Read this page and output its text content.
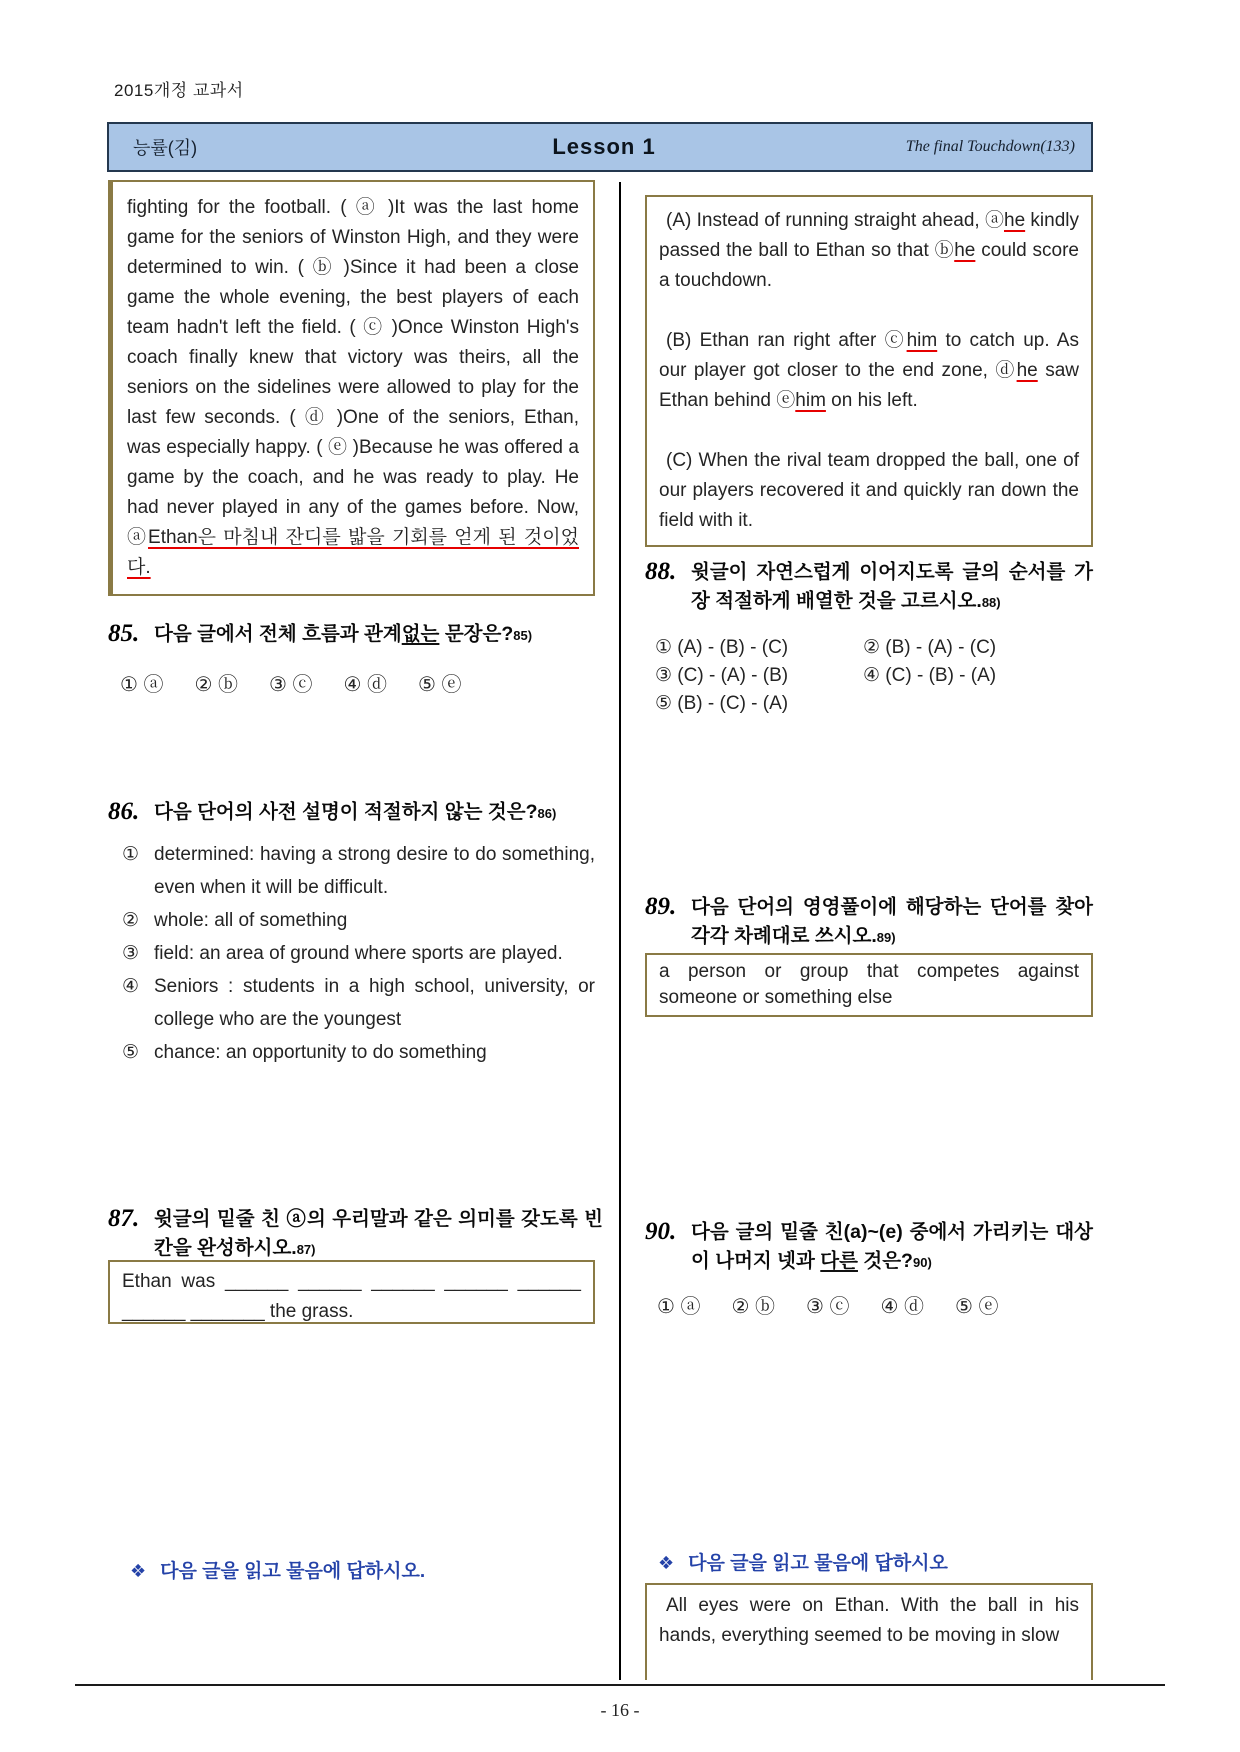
2015개정 교과서
능률(김)	Lesson 1	The final Touchdown(133)
fighting for the football. ( ⓐ )It was the last home game for the seniors of Winston High, and they were determined to win. ( ⓑ )Since it had been a close game the whole evening, the best players of each team hadn't left the field. ( ⓒ )Once Winston High's coach finally knew that victory was theirs, all the seniors on the sidelines were allowed to play for the last few seconds. ( ⓓ )One of the seniors, Ethan, was especially happy. ( ⓔ )Because he was offered a game by the coach, and he was ready to play. He had never played in any of the games before. Now, ⓐEthan은 마침내 잔디를 밟을 기회를 얻게 된 것이었다.
85. 다음 글에서 전체 흐름과 관계없는 문장은?85)
① ⓐ ② ⓑ ③ ⓒ ④ ⓓ ⑤ ⓔ
86. 다음 단어의 사전 설명이 적절하지 않는 것은?86)
① determined: having a strong desire to do something, even when it will be difficult.
② whole: all of something
③ field: an area of ground where sports are played.
④ Seniors : students in a high school, university, or college who are the youngest
⑤ chance: an opportunity to do something
87. 윗글의 밑줄 친 ⓐ의 우리말과 같은 의미를 갖도록 빈칸을 완성하시오.87)
Ethan was ______ ______ ______ ______ ______ ______ _______ the grass.
❖ 다음 글을 읽고 물음에 답하시오.

(A) Instead of running straight ahead, ⓐhe kindly passed the ball to Ethan so that ⓑhe could score a touchdown.

(B) Ethan ran right after ⓒhim to catch up. As our player got closer to the end zone, ⓓhe saw Ethan behind ⓔhim on his left.

(C) When the rival team dropped the ball, one of our players recovered it and quickly ran down the field with it.

88. 윗글이 자연스럽게 이어지도록 글의 순서를 가장 적절하게 배열한 것을 고르시오.88)
① (A) - (B) - (C)	② (B) - (A) - (C)
③ (C) - (A) - (B)	④ (C) - (B) - (A)
⑤ (B) - (C) - (A)
89. 다음 단어의 영영풀이에 해당하는 단어를 찾아 각각 차례대로 쓰시오.89)
a person or group that competes against someone or something else
90. 다음 글의 밑줄 친(a)~(e) 중에서 가리키는 대상이 나머지 넷과 다른 것은?90)
① ⓐ ② ⓑ ③ ⓒ ④ ⓓ ⑤ ⓔ
❖ 다음 글을 읽고 물음에 답하시오

All eyes were on Ethan. With the ball in his hands, everything seemed to be moving in slow

- 16 -
